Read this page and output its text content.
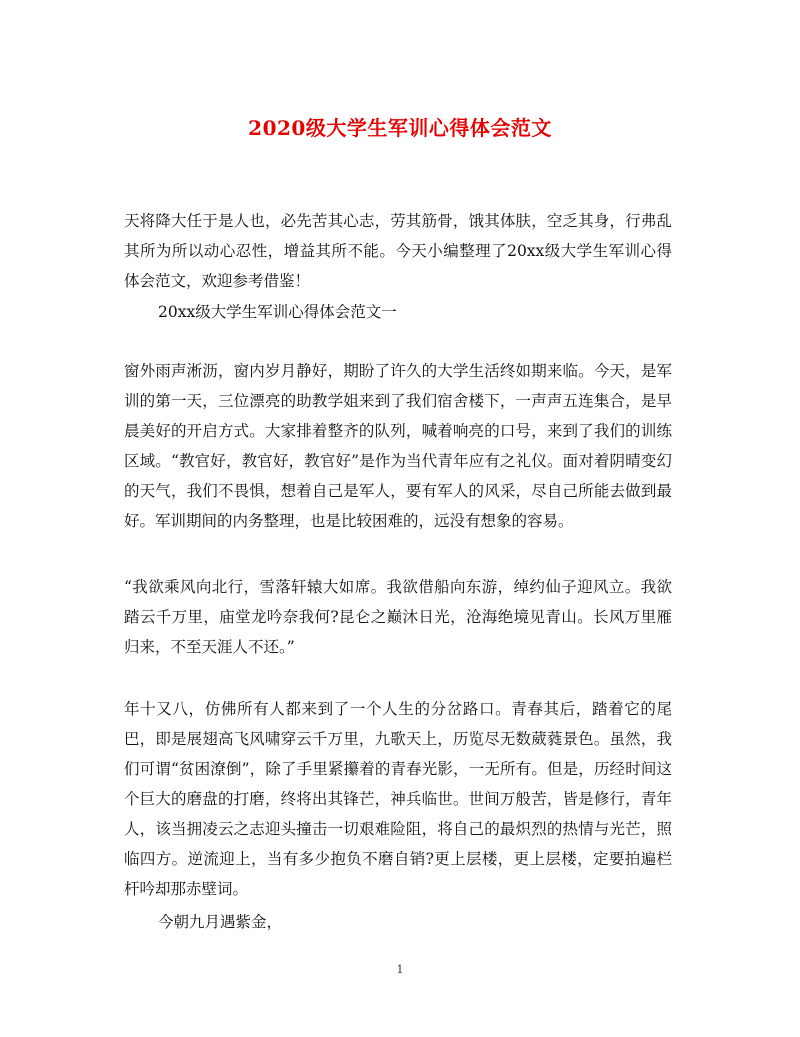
2020级大学生军训心得体会范文
天将降大任于是人也，必先苦其心志，劳其筋骨，饿其体肤，空乏其身，行弗乱其所为所以动心忍性，增益其所不能。今天小编整理了20xx级大学生军训心得体会范文，欢迎参考借鉴！
20xx级大学生军训心得体会范文一
窗外雨声淅沥，窗内岁月静好，期盼了许久的大学生活终如期来临。今天，是军训的第一天，三位漂亮的助教学姐来到了我们宿舍楼下，一声声五连集合，是早晨美好的开启方式。大家排着整齐的队列，喊着响亮的口号，来到了我们的训练区域。“教官好，教官好，教官好”是作为当代青年应有之礼仪。面对着阴晴变幻的天气，我们不畏惧，想着自己是军人，要有军人的风采，尽自己所能去做到最好。军训期间的内务整理，也是比较困难的，远没有想象的容易。
“我欲乘风向北行，雪落轩辕大如席。我欲借船向东游，绰约仙子迎风立。我欲踏云千万里，庙堂龙吟奈我何?昆仑之巅沐日光，沧海绝境见青山。长风万里雁归来，不至天涯人不还。”
年十又八，仿佛所有人都来到了一个人生的分岔路口。青春其后，踏着它的尾巴，即是展翅高飞风啸穿云千万里，九歌天上，历览尽无数葳蕤景色。虽然，我们可谓“贫困潦倒”，除了手里紧攥着的青春光影，一无所有。但是，历经时间这个巨大的磨盘的打磨，终将出其锋芒，神兵临世。世间万般苦，皆是修行，青年人，该当拥凌云之志迎头撞击一切艰难险阻，将自己的最炽烈的热情与光芒，照临四方。逆流迎上，当有多少抱负不磨自销?更上层楼，更上层楼，定要拍遍栏杆吟却那赤壁词。
今朝九月遇紫金，
1
